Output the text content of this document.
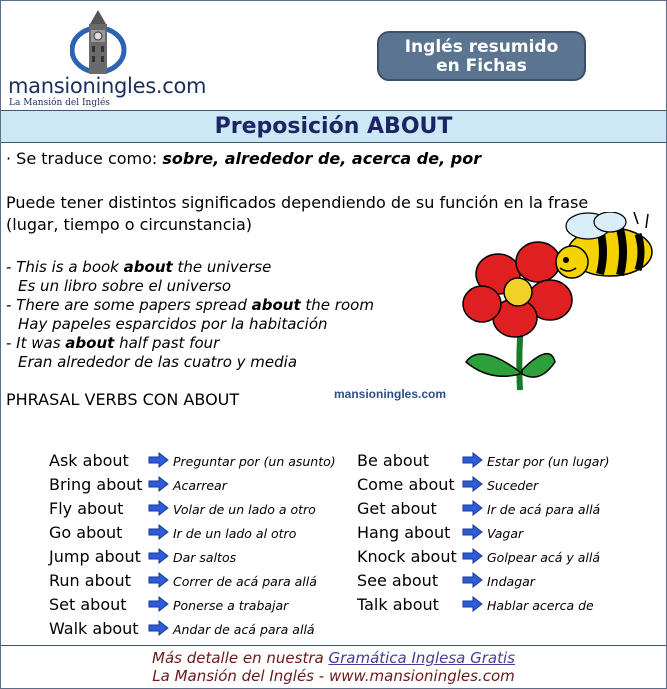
mansioningles.com
La Mansión del Inglés
Inglés resumido
en Fichas
Preposición ABOUT
· Se traduce como: sobre, alrededor de, acerca de, por
Puede tener distintos significados dependiendo de su función en la frase
(lugar, tiempo o circunstancia)
- This is a book about the universe
Es un libro sobre el universo
- There are some papers spread about the room
Hay papeles esparcidos por la habitación
- It was about half past four
Eran alrededor de las cuatro y media
mansioningles.com
PHRASAL VERBS CON ABOUT
Ask about	Preguntar por (un asunto)
Bring about Acarrear
Fly about	Volar de un lado a otro
Go about	Ir de un lado al otro
Jump about	Dar saltos
Run about	Correr de acá para allá
Set about	Ponerse a trabajar
Walk about	Andar de acá para allá
Be about	Estar por (un lugar)
Come about	Suceder
Get about	Ir de acá para allá
Hang about	Vagar
Knock about Golpear acá y allá
See about	Indagar
Talk about	Hablar acerca de
Más detalle en nuestra Gramática Inglesa Gratis
La Mansión del Inglés - www.mansioningles.com
